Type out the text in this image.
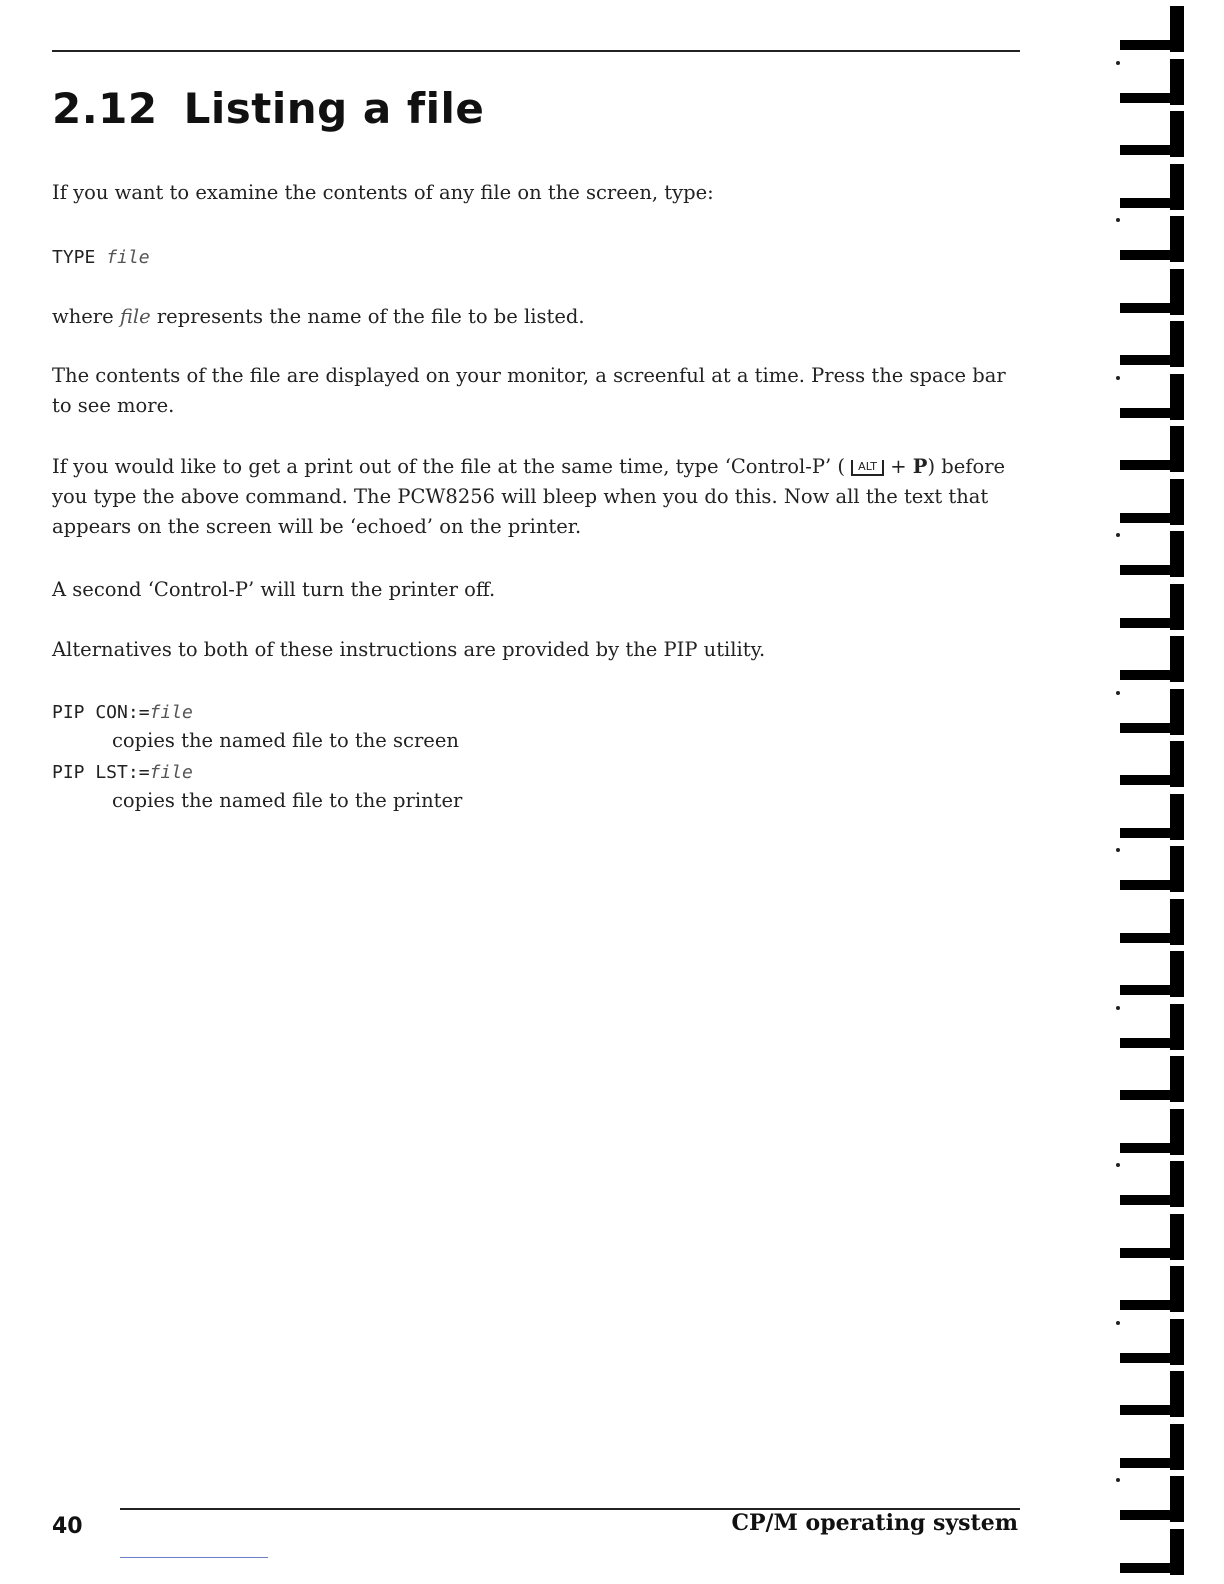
2.12 Listing a file

If you want to examine the contents of any file on the screen, type:

TYPE file

where file represents the name of the file to be listed.

The contents of the file are displayed on your monitor, a screenful at a time. Press the space bar to see more.

If you would like to get a print out of the file at the same time, type ‘Control-P’ ( ALT + P) before you type the above command. The PCW8256 will bleep when you do this. Now all the text that appears on the screen will be ‘echoed’ on the printer.

A second ‘Control-P’ will turn the printer off.

Alternatives to both of these instructions are provided by the PIP utility.

PIP CON:=file

copies the named file to the screen

PIP LST:=file

copies the named file to the printer

40	CP/M operating system
